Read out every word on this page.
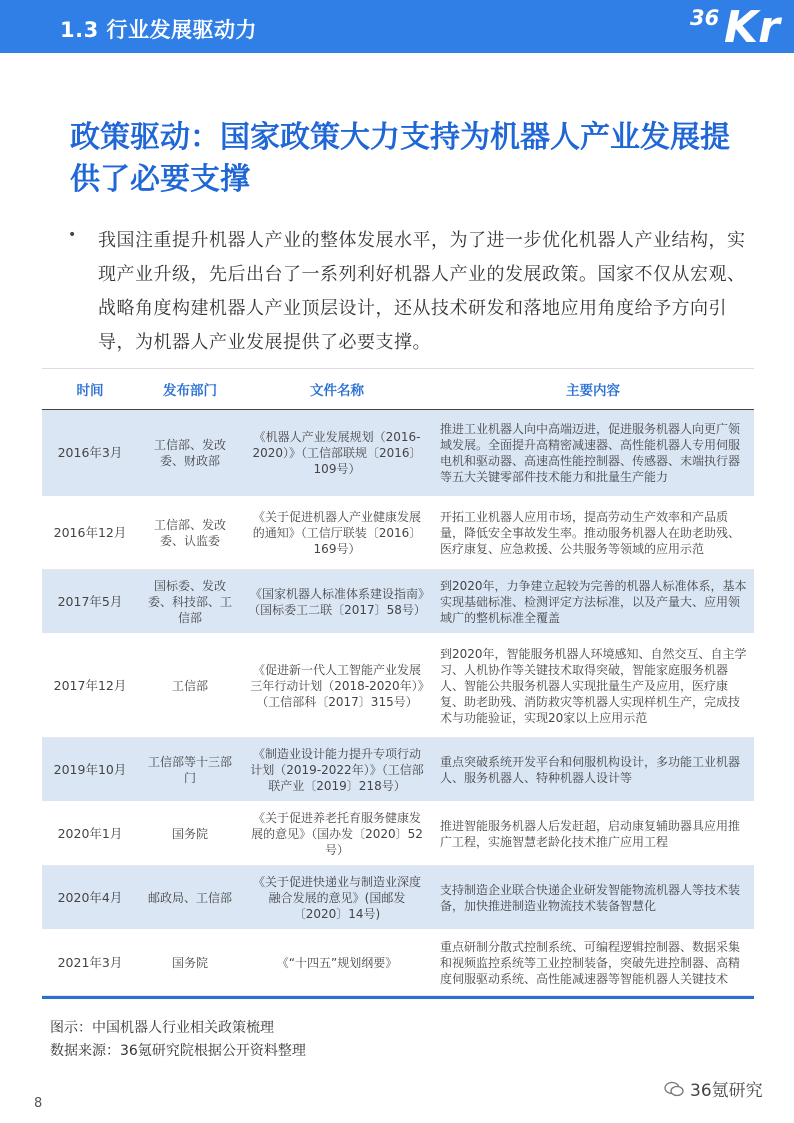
1.3 行业发展驱动力	36 Kr
政策驱动：国家政策大力支持为机器人产业发展提供了必要支撑
• 我国注重提升机器人产业的整体发展水平，为了进一步优化机器人产业结构，实现产业升级，先后出台了一系列利好机器人产业的发展政策。国家不仅从宏观、战略角度构建机器人产业顶层设计，还从技术研发和落地应用角度给予方向引导，为机器人产业发展提供了必要支撑。
时间	发布部门	文件名称	主要内容
2016年3月	工信部、发改委、财政部	《机器人产业发展规划（2016-2020）》（工信部联规〔2016〕109号）	推进工业机器人向中高端迈进，促进服务机器人向更广领域发展。全面提升高精密减速器、高性能机器人专用伺服电机和驱动器、高速高性能控制器、传感器、末端执行器等五大关键零部件技术能力和批量生产能力
2016年12月	工信部、发改委、认监委	《关于促进机器人产业健康发展的通知》（工信厅联装〔2016〕169号）	开拓工业机器人应用市场，提高劳动生产效率和产品质量，降低安全事故发生率。推动服务机器人在助老助残、医疗康复、应急救援、公共服务等领域的应用示范
2017年5月	国标委、发改委、科技部、工信部	《国家机器人标准体系建设指南》（国标委工二联〔2017〕58号）	到2020年，力争建立起较为完善的机器人标准体系，基本实现基础标准、检测评定方法标准，以及产量大、应用领域广的整机标准全覆盖
2017年12月	工信部	《促进新一代人工智能产业发展三年行动计划（2018-2020年）》（工信部科〔2017〕315号）	到2020年，智能服务机器人环境感知、自然交互、自主学习、人机协作等关键技术取得突破，智能家庭服务机器人、智能公共服务机器人实现批量生产及应用，医疗康复、助老助残、消防救灾等机器人实现样机生产，完成技术与功能验证，实现20家以上应用示范
2019年10月	工信部等十三部门	《制造业设计能力提升专项行动计划（2019-2022年）》（工信部联产业〔2019〕218号）	重点突破系统开发平台和伺服机构设计，多功能工业机器人、服务机器人、特种机器人设计等
2020年1月	国务院	《关于促进养老托育服务健康发展的意见》（国办发〔2020〕52号）	推进智能服务机器人后发赶超，启动康复辅助器具应用推广工程，实施智慧老龄化技术推广应用工程
2020年4月	邮政局、工信部	《关于促进快递业与制造业深度融合发展的意见》(国邮发〔2020〕14号)	支持制造企业联合快递企业研发智能物流机器人等技术装备，加快推进制造业物流技术装备智慧化
2021年3月	国务院	《“十四五”规划纲要》	重点研制分散式控制系统、可编程逻辑控制器、数据采集和视频监控系统等工业控制装备，突破先进控制器、高精度伺服驱动系统、高性能减速器等智能机器人关键技术
图示：中国机器人行业相关政策梳理
数据来源：36氪研究院根据公开资料整理
8
36氪研究
